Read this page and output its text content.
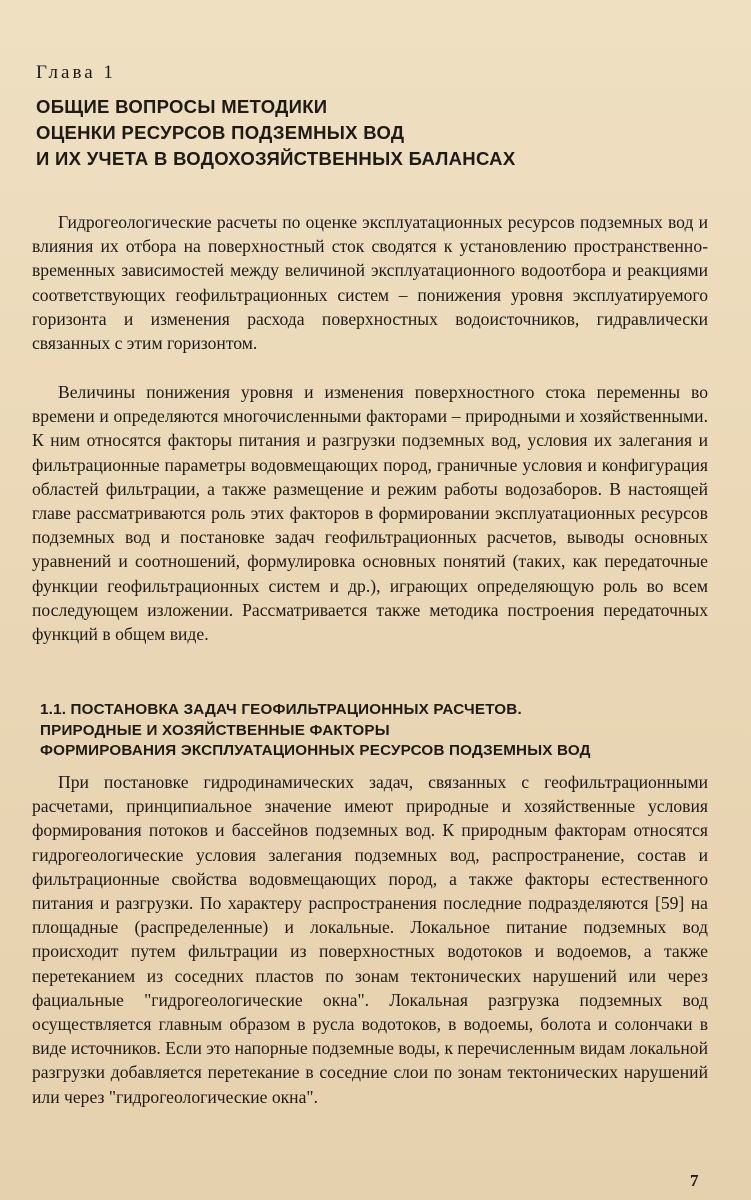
Глава 1
ОБЩИЕ ВОПРОСЫ МЕТОДИКИ
ОЦЕНКИ РЕСУРСОВ ПОДЗЕМНЫХ ВОД
И ИХ УЧЕТА В ВОДОХОЗЯЙСТВЕННЫХ БАЛАНСАХ

Гидрогеологические расчеты по оценке эксплуатационных ресурсов подземных вод и влияния их отбора на поверхностный сток сводятся к установлению пространственно-временных зависимостей между величиной эксплуатационного водоотбора и реакциями соответствующих геофильтрационных систем – понижения уровня эксплуатируемого горизонта и изменения расхода поверхностных водоисточников, гидравлически связанных с этим горизонтом.

Величины понижения уровня и изменения поверхностного стока переменны во времени и определяются многочисленными факторами – природными и хозяйственными. К ним относятся факторы питания и разгрузки подземных вод, условия их залегания и фильтрационные параметры водовмещающих пород, граничные условия и конфигурация областей фильтрации, а также размещение и режим работы водозаборов. В настоящей главе рассматриваются роль этих факторов в формировании эксплуатационных ресурсов подземных вод и постановке задач геофильтрационных расчетов, выводы основных уравнений и соотношений, формулировка основных понятий (таких, как передаточные функции геофильтрационных систем и др.), играющих определяющую роль во всем последующем изложении. Рассматривается также методика построения передаточных функций в общем виде.

1.1. ПОСТАНОВКА ЗАДАЧ ГЕОФИЛЬТРАЦИОННЫХ РАСЧЕТОВ.
ПРИРОДНЫЕ И ХОЗЯЙСТВЕННЫЕ ФАКТОРЫ
ФОРМИРОВАНИЯ ЭКСПЛУАТАЦИОННЫХ РЕСУРСОВ ПОДЗЕМНЫХ ВОД

При постановке гидродинамических задач, связанных с геофильтрационными расчетами, принципиальное значение имеют природные и хозяйственные условия формирования потоков и бассейнов подземных вод. К природным факторам относятся гидрогеологические условия залегания подземных вод, распространение, состав и фильтрационные свойства водовмещающих пород, а также факторы естественного питания и разгрузки. По характеру распространения последние подразделяются [59] на площадные (распределенные) и локальные. Локальное питание подземных вод происходит путем фильтрации из поверхностных водотоков и водоемов, а также перетеканием из соседних пластов по зонам тектонических нарушений или через фациальные "гидрогеологические окна". Локальная разгрузка подземных вод осуществляется главным образом в русла водотоков, в водоемы, болота и солончаки в виде источников. Если это напорные подземные воды, к перечисленным видам локальной разгрузки добавляется перетекание в соседние слои по зонам тектонических нарушений или через "гидрогеологические окна".

7
